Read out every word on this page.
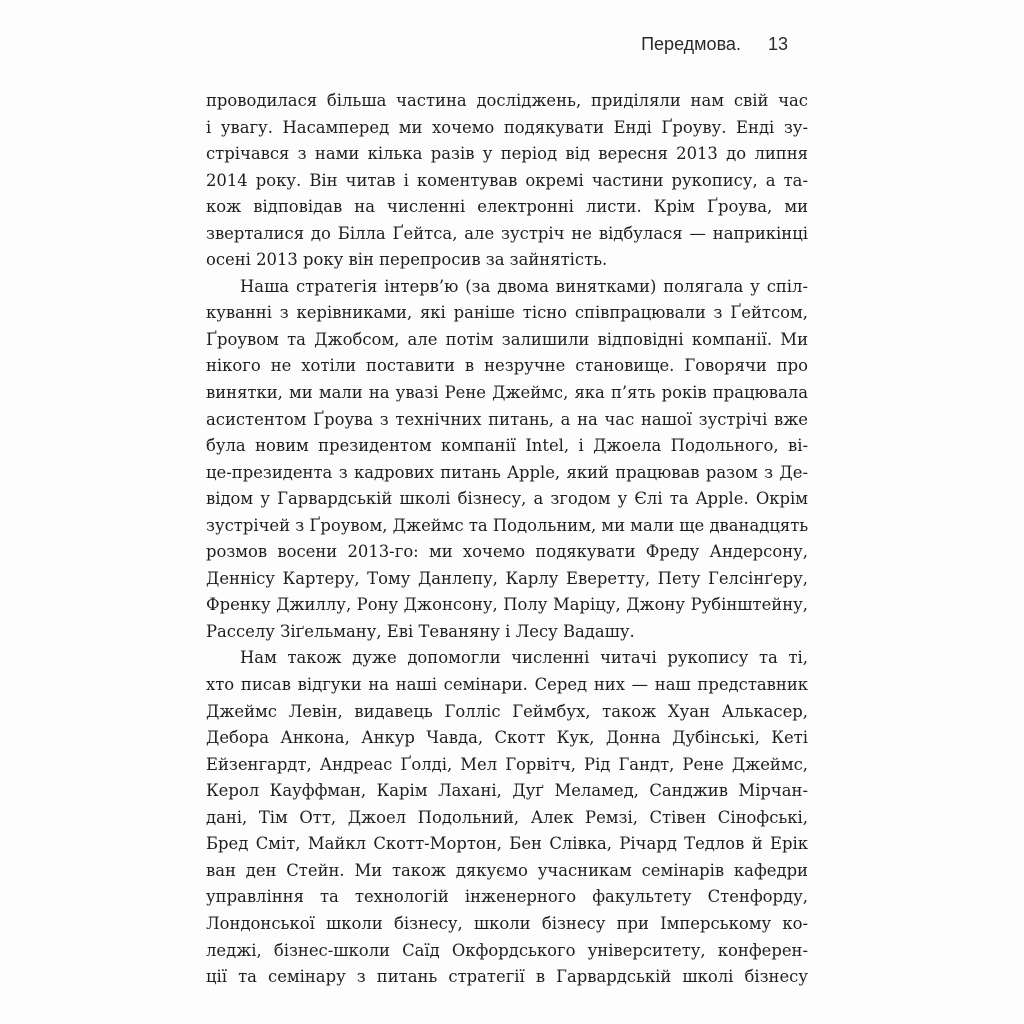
Передмова. 13

проводилася більша частина досліджень, приділяли нам свій час
і увагу. Насамперед ми хочемо подякувати Енді Ґроуву. Енді зу-
стрічався з нами кілька разів у період від вересня 2013 до липня
2014 року. Він читав і коментував окремі частини рукопису, а та-
кож відповідав на численні електронні листи. Крім Ґроува, ми
зверталися до Білла Ґейтса, але зустріч не відбулася — наприкінці
осені 2013 року він перепросив за зайнятість.

Наша стратегія інтерв’ю (за двома винятками) полягала у спіл-
куванні з керівниками, які раніше тісно співпрацювали з Ґейтсом,
Ґроувом та Джобсом, але потім залишили відповідні компанії. Ми
нікого не хотіли поставити в незручне становище. Говорячи про
винятки, ми мали на увазі Рене Джеймс, яка п’ять років працювала
асистентом Ґроува з технічних питань, а на час нашої зустрічі вже
була новим президентом компанії Intel, і Джоела Подольного, ві-
це-президента з кадрових питань Apple, який працював разом з Де-
відом у Гарвардській школі бізнесу, а згодом у Єлі та Apple. Окрім
зустрічей з Ґроувом, Джеймс та Подольним, ми мали ще дванадцять
розмов восени 2013-го: ми хочемо подякувати Фреду Андерсону,
Деннісу Картеру, Тому Данлепу, Карлу Еверетту, Пету Гелсінґеру,
Френку Джиллу, Рону Джонсону, Полу Маріцу, Джону Рубінштейну,
Расселу Зіґельману, Еві Теваняну і Лесу Вадашу.

Нам також дуже допомогли численні читачі рукопису та ті,
хто писав відгуки на наші семінари. Серед них — наш представник
Джеймс Левін, видавець Голліс Геймбух, також Хуан Алькасер,
Дебора Анкона, Анкур Чавда, Скотт Кук, Донна Дубінські, Кеті
Ейзенгардт, Андреас Ґолді, Мел Горвітч, Рід Гандт, Рене Джеймс,
Керол Кауффман, Карім Лахані, Дуґ Меламед, Санджив Мірчан-
дані, Тім Отт, Джоел Подольний, Алек Ремзі, Стівен Сінофські,
Бред Сміт, Майкл Скотт-Мортон, Бен Слівка, Річард Тедлов й Ерік
ван ден Стейн. Ми також дякуємо учасникам семінарів кафедри
управління та технологій інженерного факультету Стенфорду,
Лондонської школи бізнесу, школи бізнесу при Імперському ко-
леджі, бізнес-школи Саїд Окфордського університету, конферен-
ції та семінару з питань стратегії в Гарвардській школі бізнесу
